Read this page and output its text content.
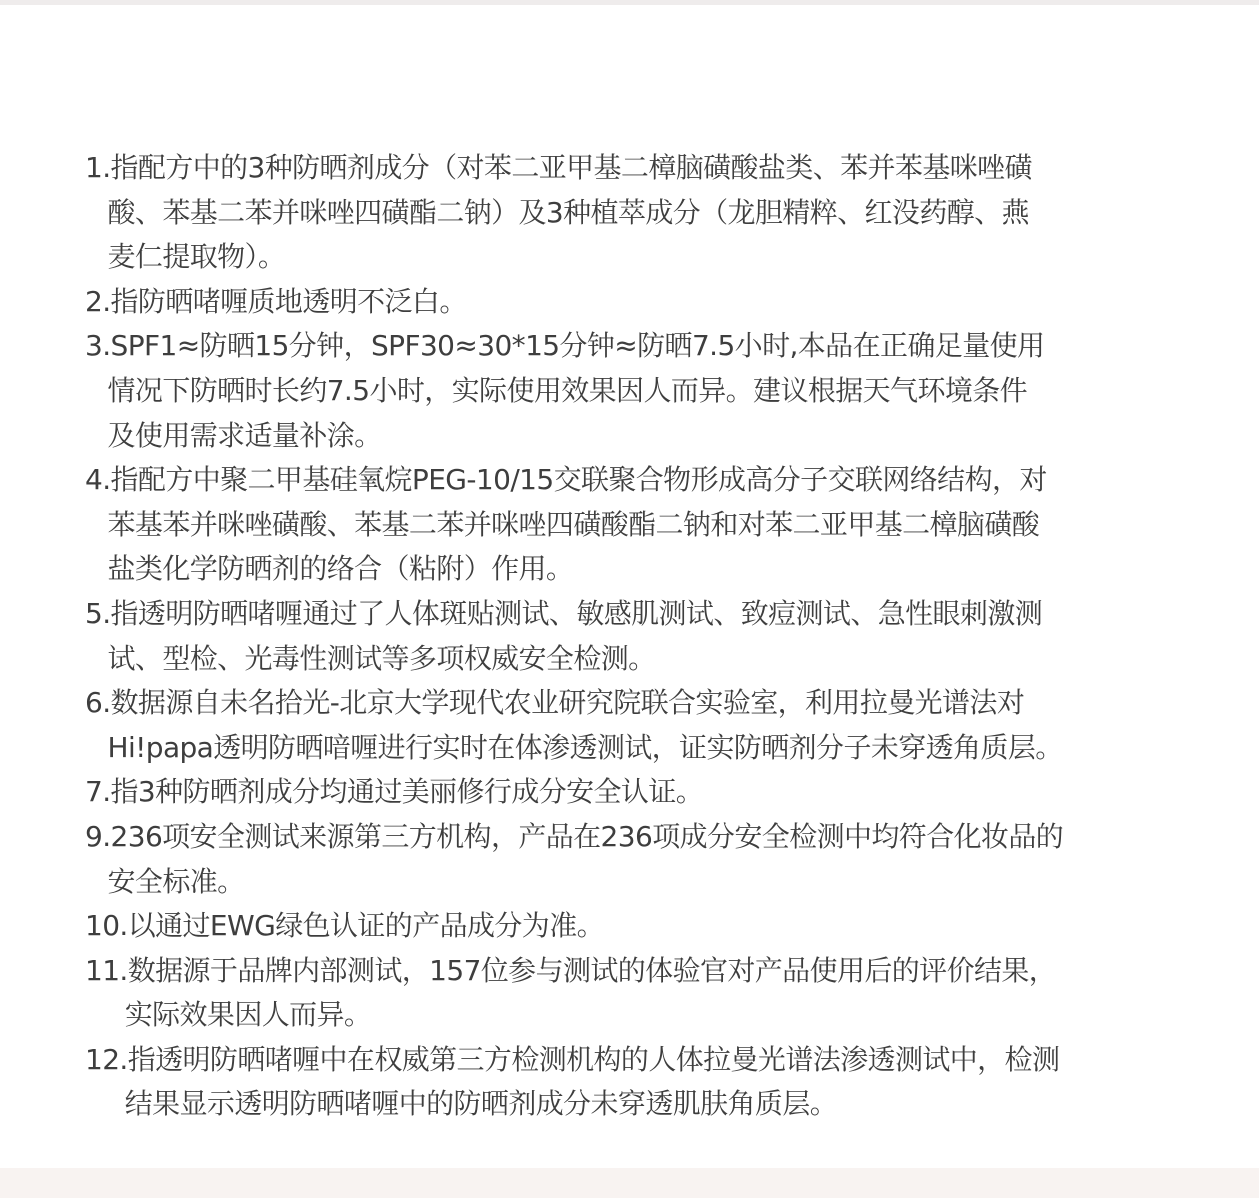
1. 指配方中的3种防晒剂成分（对苯二亚甲基二樟脑磺酸盐类、苯并苯基咪唑磺
酸、苯基二苯并咪唑四磺酯二钠）及3种植萃成分（龙胆精粹、红没药醇、燕
麦仁提取物）。
2. 指防晒啫喱质地透明不泛白。
3. SPF1≈防晒15分钟，SPF30≈30*15分钟≈防晒7.5小时,本品在正确足量使用
情况下防晒时长约7.5小时，实际使用效果因人而异。建议根据天气环境条件
及使用需求适量补涂。
4. 指配方中聚二甲基硅氧烷PEG-10/15交联聚合物形成高分子交联网络结构，对
苯基苯并咪唑磺酸、苯基二苯并咪唑四磺酸酯二钠和对苯二亚甲基二樟脑磺酸
盐类化学防晒剂的络合（粘附）作用。
5. 指透明防晒啫喱通过了人体斑贴测试、敏感肌测试、致痘测试、急性眼刺激测
试、型检、光毒性测试等多项权威安全检测。
6. 数据源自未名拾光-北京大学现代农业研究院联合实验室，利用拉曼光谱法对
Hi!papa透明防晒喑喱进行实时在体渗透测试，证实防晒剂分子未穿透角质层。
7. 指3种防晒剂成分均通过美丽修行成分安全认证。
9. 236项安全测试来源第三方机构，产品在236项成分安全检测中均符合化妆品的
安全标准。
10. 以通过EWG绿色认证的产品成分为准。
11. 数据源于品牌内部测试，157位参与测试的体验官对产品使用后的评价结果，
实际效果因人而异。
12. 指透明防晒啫喱中在权威第三方检测机构的人体拉曼光谱法渗透测试中，检测
结果显示透明防晒啫喱中的防晒剂成分未穿透肌肤角质层。
